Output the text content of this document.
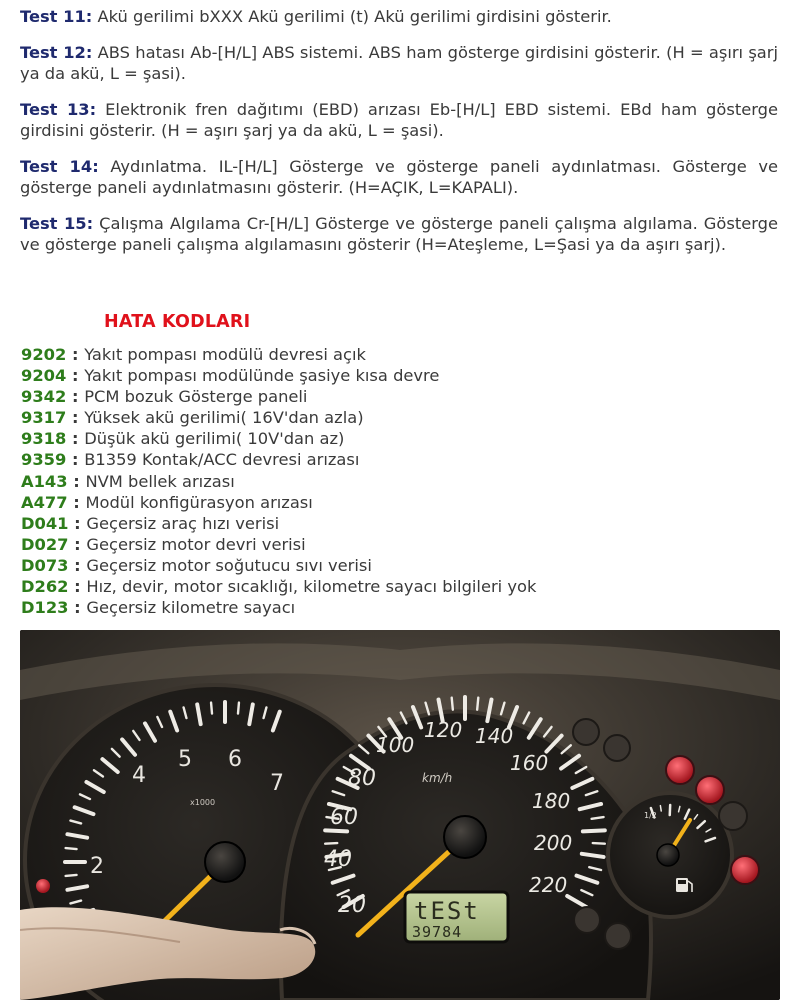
Test 11: Akü gerilimi bXXX Akü gerilimi (t) Akü gerilimi girdisini gösterir.

Test 12: ABS hatası Ab-[H/L] ABS sistemi. ABS ham gösterge girdisini gösterir. (H = aşırı şarj ya da akü, L = şasi).

Test 13: Elektronik fren dağıtımı (EBD) arızası Eb-[H/L] EBD sistemi. EBd ham gösterge girdisini gösterir. (H = aşırı şarj ya da akü, L = şasi).

Test 14: Aydınlatma. IL-[H/L] Gösterge ve gösterge paneli aydınlatması. Gösterge ve gösterge paneli aydınlatmasını gösterir. (H=AÇIK, L=KAPALI).

Test 15: Çalışma Algılama Cr-[H/L] Gösterge ve gösterge paneli çalışma algılama. Gösterge ve gösterge paneli çalışma algılamasını gösterir (H=Ateşleme, L=Şasi ya da aşırı şarj).

HATA KODLARI
9202 : Yakıt pompası modülü devresi açık
9204 : Yakıt pompası modülünde şasiye kısa devre
9342 : PCM bozuk Gösterge paneli
9317 : Yüksek akü gerilimi( 16V'dan azla)
9318 : Düşük akü gerilimi( 10V'dan az)
9359 : B1359 Kontak/ACC devresi arızası
A143 : NVM bellek arızası
A477 : Modül konfigürasyon arızası
D041 : Geçersiz araç hızı verisi
D027 : Geçersiz motor devri verisi
D073 : Geçersiz motor soğutucu sıvı verisi
D262 : Hız, devir, motor sıcaklığı, kilometre sayacı bilgileri yok
D123 : Geçersiz kilometre sayacı
2
4
5 6
7
x1000
20
40
60
80
100
120 140
160
180
200
220
km/h
tESt
39784
1/2
